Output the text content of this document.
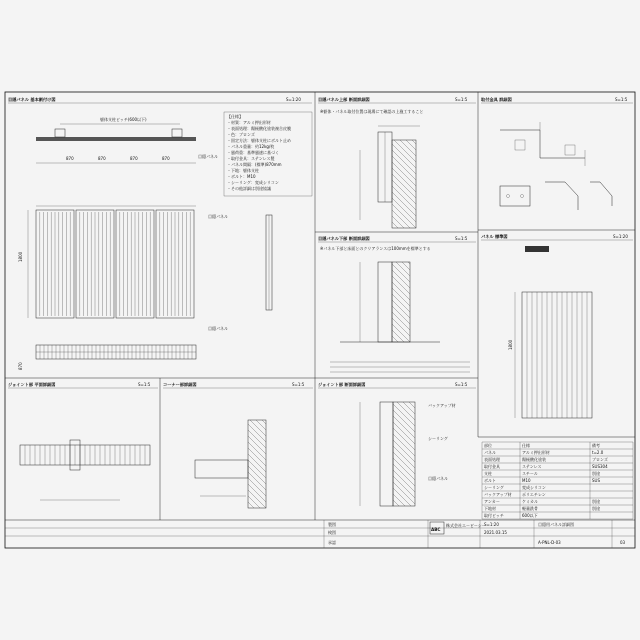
目隠パネル 基本割付け図	S=1:20
躯体支柱ピッチ(600以下)
870	870	870	870	目隠パネル
1800
目隠パネル
870
目隠パネル
【仕様】
・材質：アルミ押出形材
・表面処理：陽極酸化塗装複合皮膜
・色：ブロンズ
・固定方法：躯体支柱にボルト止め
・パネル重量：約12kg/枚
・風荷重：基準風速に基づく
・取付金具：ステンレス製
・パネル間隔：(標準)870mm
・下地：躯体支柱
・ボルト：M10
・シーリング：変成シリコン
・その他詳細は別途協議
目隠パネル上部 断面詳細図	S=1:5
※躯体・パネル取付位置は現場にて確認の上施工すること
取付金具 詳細図	S=1:5
目隠パネル下部 断面詳細図	S=1:5
※パネル下部と床面とのクリアランスは100mmを標準とする
パネル 標準図	S=1:20
1800
ジョイント部 平面詳細図	S=1:5	コーナー部詳細図	S=1:5	ジョイント部 断面詳細図	S=1:5
バックアップ材
シーリング
目隠パネル
部位	仕様	備考
パネル	アルミ押出形材	t=2.0
表面処理	陽極酸化塗装	ブロンズ
取付金具	ステンレス	SUS304
支柱	スチール	別途
ボルト	M10	SUS
シーリング	変成シリコン
バックアップ材	ポリエチレン
アンカー	ケミカル	別途
下地材	軽量鉄骨	別途
取付ピッチ	600以下
製図
検図
承認
ABC
株式会社エービーシー
S=1:20
2021.03.15
目隠用パネル詳細図
A-PNL-D-03	03
